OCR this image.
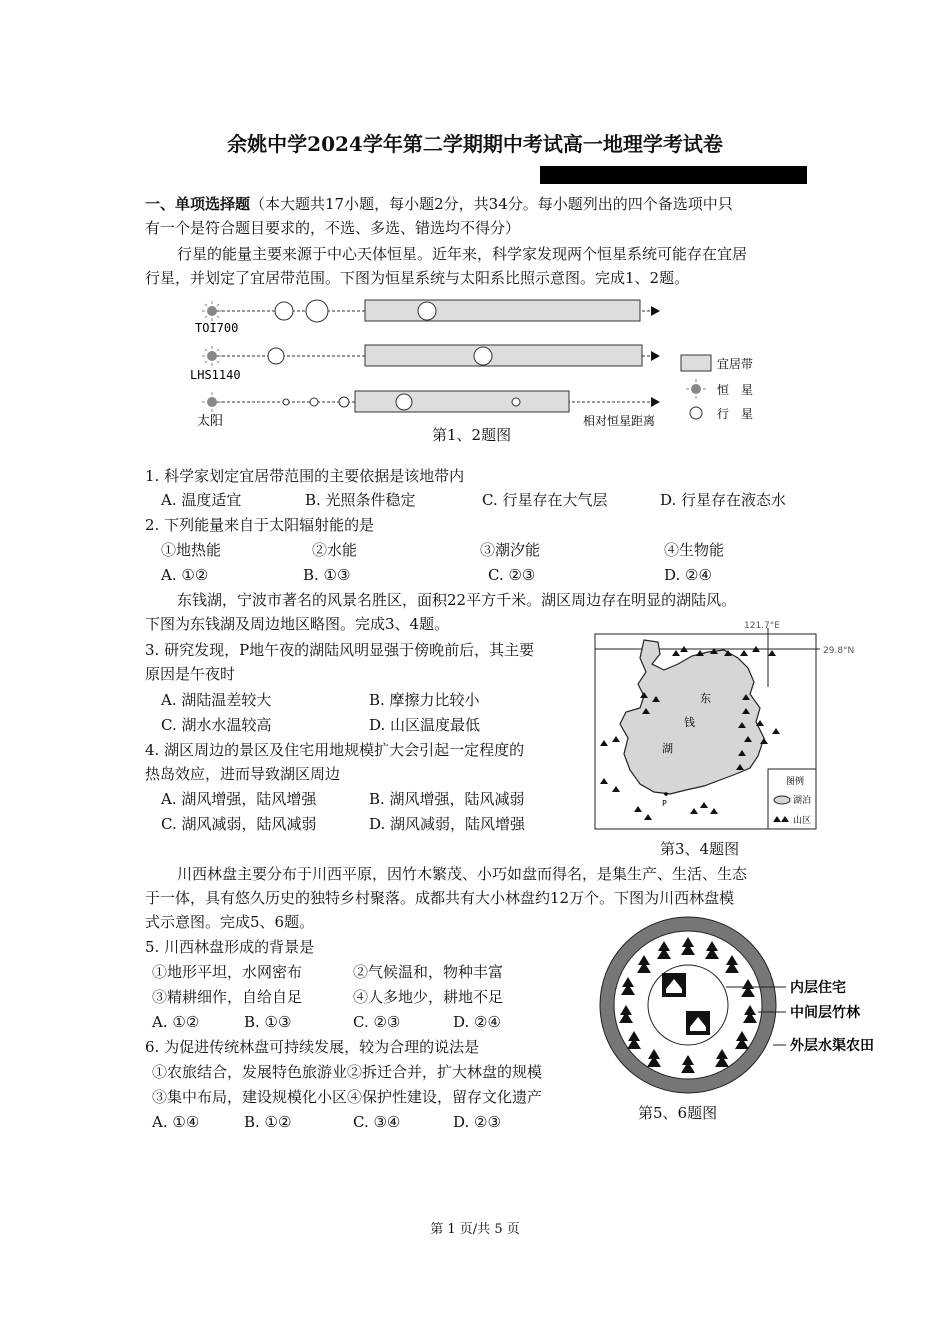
余姚中学2024学年第二学期期中考试高一地理学考试卷
一、单项选择题（本大题共17小题，每小题2分，共34分。每小题列出的四个备选项中只
有一个是符合题目要求的，不选、多选、错选均不得分）
行星的能量主要来源于中心天体恒星。近年来，科学家发现两个恒星系统可能存在宜居
行星，并划定了宜居带范围。下图为恒星系统与太阳系比照示意图。完成1、2题。
TOI700
LHS1140
太阳	相对恒星距离
宜居带
恒　星
行　星
第1、2题图
1. 科学家划定宜居带范围的主要依据是该地带内
A. 温度适宜	B. 光照条件稳定	C. 行星存在大气层	D. 行星存在液态水
2. 下列能量来自于太阳辐射能的是
①地热能	②水能	③潮汐能	④生物能
A. ①②	B. ①③	C. ②③	D. ②④
东钱湖，宁波市著名的风景名胜区，面积22平方千米。湖区周边存在明显的湖陆风。
下图为东钱湖及周边地区略图。完成3、4题。
3. 研究发现，P地午夜的湖陆风明显强于傍晚前后，其主要
原因是午夜时
A. 湖陆温差较大	B. 摩擦力比较小
C. 湖水水温较高	D. 山区温度最低
4. 湖区周边的景区及住宅用地规模扩大会引起一定程度的
热岛效应，进而导致湖区周边
A. 湖风增强，陆风增强	B. 湖风增强，陆风减弱
C. 湖风减弱，陆风减弱	D. 湖风减弱，陆风增强
121.7°E
29.8°N
东
钱
湖
P
图例
湖泊
山区
第3、4题图
川西林盘主要分布于川西平原，因竹木繁茂、小巧如盘而得名，是集生产、生活、生态
于一体，具有悠久历史的独特乡村聚落。成都共有大小林盘约12万个。下图为川西林盘模
式示意图。完成5、6题。
5. 川西林盘形成的背景是
①地形平坦，水网密布	②气候温和，物种丰富
③精耕细作，自给自足	④人多地少，耕地不足
A. ①②	B. ①③	C. ②③	D. ②④
6. 为促进传统林盘可持续发展，较为合理的说法是
①农旅结合，发展特色旅游业②拆迁合并，扩大林盘的规模
③集中布局，建设规模化小区④保护性建设，留存文化遗产
A. ①④	B. ①②	C. ③④	D. ②③
内层住宅
中间层竹林
外层水渠农田
第5、6题图
第 1 页/共 5 页
